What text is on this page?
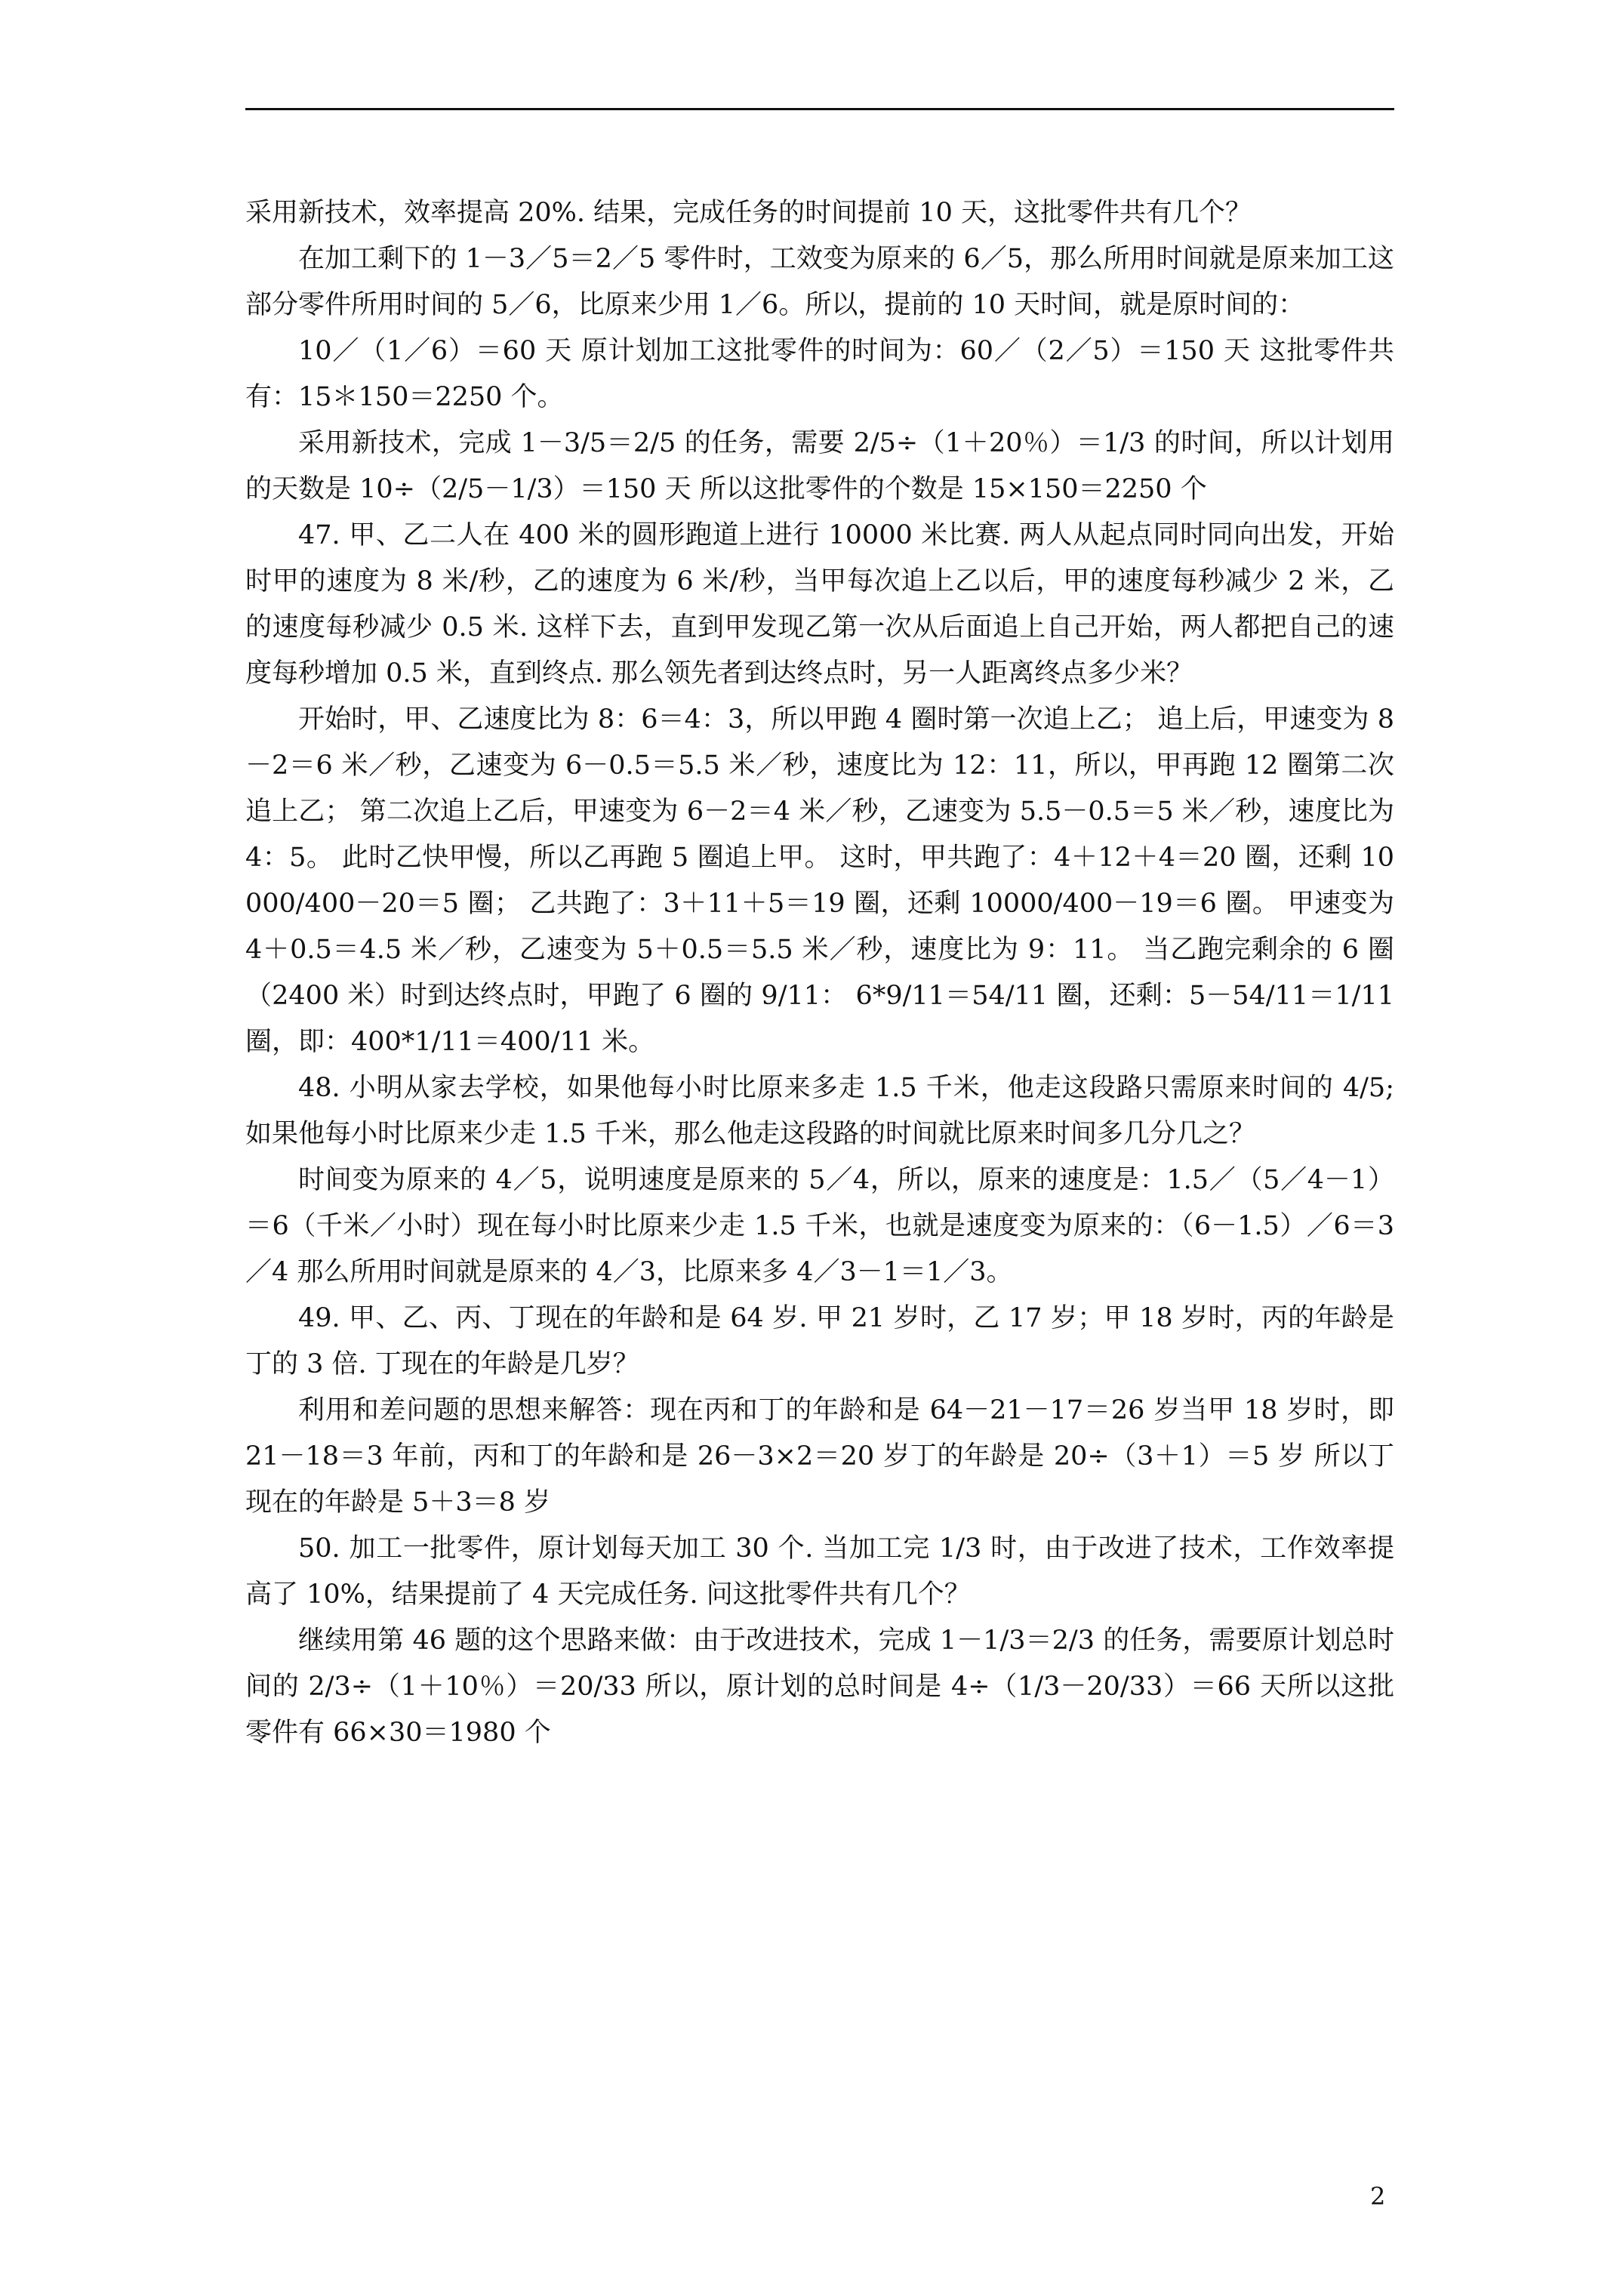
采用新技术，效率提高 20%. 结果，完成任务的时间提前 10 天，这批零件共有几个？

在加工剩下的 1－3／5＝2／5 零件时，工效变为原来的 6／5，那么所用时间就是原来加工这部分零件所用时间的 5／6，比原来少用 1／6。所以，提前的 10 天时间，就是原时间的：

10／（1／6）＝60 天 原计划加工这批零件的时间为：60／（2／5）＝150 天 这批零件共有：15＊150＝2250 个。

采用新技术，完成 1－3/5＝2/5 的任务，需要 2/5÷（1＋20％）＝1/3 的时间，所以计划用的天数是 10÷（2/5－1/3）＝150 天 所以这批零件的个数是 15×150＝2250 个

47. 甲、乙二人在 400 米的圆形跑道上进行 10000 米比赛. 两人从起点同时同向出发，开始时甲的速度为 8 米/秒，乙的速度为 6 米/秒，当甲每次追上乙以后，甲的速度每秒减少 2 米，乙的速度每秒减少 0.5 米. 这样下去，直到甲发现乙第一次从后面追上自己开始，两人都把自己的速度每秒增加 0.5 米，直到终点. 那么领先者到达终点时，另一人距离终点多少米？

开始时，甲、乙速度比为 8：6＝4：3，所以甲跑 4 圈时第一次追上乙； 追上后，甲速变为 8－2＝6 米／秒，乙速变为 6－0.5＝5.5 米／秒，速度比为 12：11，所以，甲再跑 12 圈第二次追上乙； 第二次追上乙后，甲速变为 6－2＝4 米／秒，乙速变为 5.5－0.5＝5 米／秒，速度比为 4：5。 此时乙快甲慢，所以乙再跑 5 圈追上甲。 这时，甲共跑了：4＋12＋4＝20 圈，还剩 10000/400－20＝5 圈； 乙共跑了：3＋11＋5＝19 圈，还剩 10000/400－19＝6 圈。 甲速变为 4＋0.5＝4.5 米／秒，乙速变为 5＋0.5＝5.5 米／秒，速度比为 9：11。 当乙跑完剩余的 6 圈（2400 米）时到达终点时，甲跑了 6 圈的 9/11： 6*9/11＝54/11 圈，还剩：5－54/11＝1/11 圈，即：400*1/11＝400/11 米。

48. 小明从家去学校，如果他每小时比原来多走 1.5 千米，他走这段路只需原来时间的 4/5; 如果他每小时比原来少走 1.5 千米，那么他走这段路的时间就比原来时间多几分几之？

时间变为原来的 4／5，说明速度是原来的 5／4，所以，原来的速度是：1.5／（5／4－1）＝6（千米／小时）现在每小时比原来少走 1.5 千米，也就是速度变为原来的：（6－1.5）／6＝3／4 那么所用时间就是原来的 4／3，比原来多 4／3－1＝1／3。

49. 甲、乙、丙、丁现在的年龄和是 64 岁. 甲 21 岁时，乙 17 岁；甲 18 岁时，丙的年龄是丁的 3 倍. 丁现在的年龄是几岁？

利用和差问题的思想来解答：现在丙和丁的年龄和是 64－21－17＝26 岁当甲 18 岁时，即 21－18＝3 年前，丙和丁的年龄和是 26－3×2＝20 岁丁的年龄是 20÷（3＋1）＝5 岁 所以丁现在的年龄是 5＋3＝8 岁

50. 加工一批零件，原计划每天加工 30 个. 当加工完 1/3 时，由于改进了技术，工作效率提高了 10%，结果提前了 4 天完成任务. 问这批零件共有几个？

继续用第 46 题的这个思路来做：由于改进技术，完成 1－1/3＝2/3 的任务，需要原计划总时间的 2/3÷（1＋10％）＝20/33 所以，原计划的总时间是 4÷（1/3－20/33）＝66 天所以这批零件有 66×30＝1980 个

2
